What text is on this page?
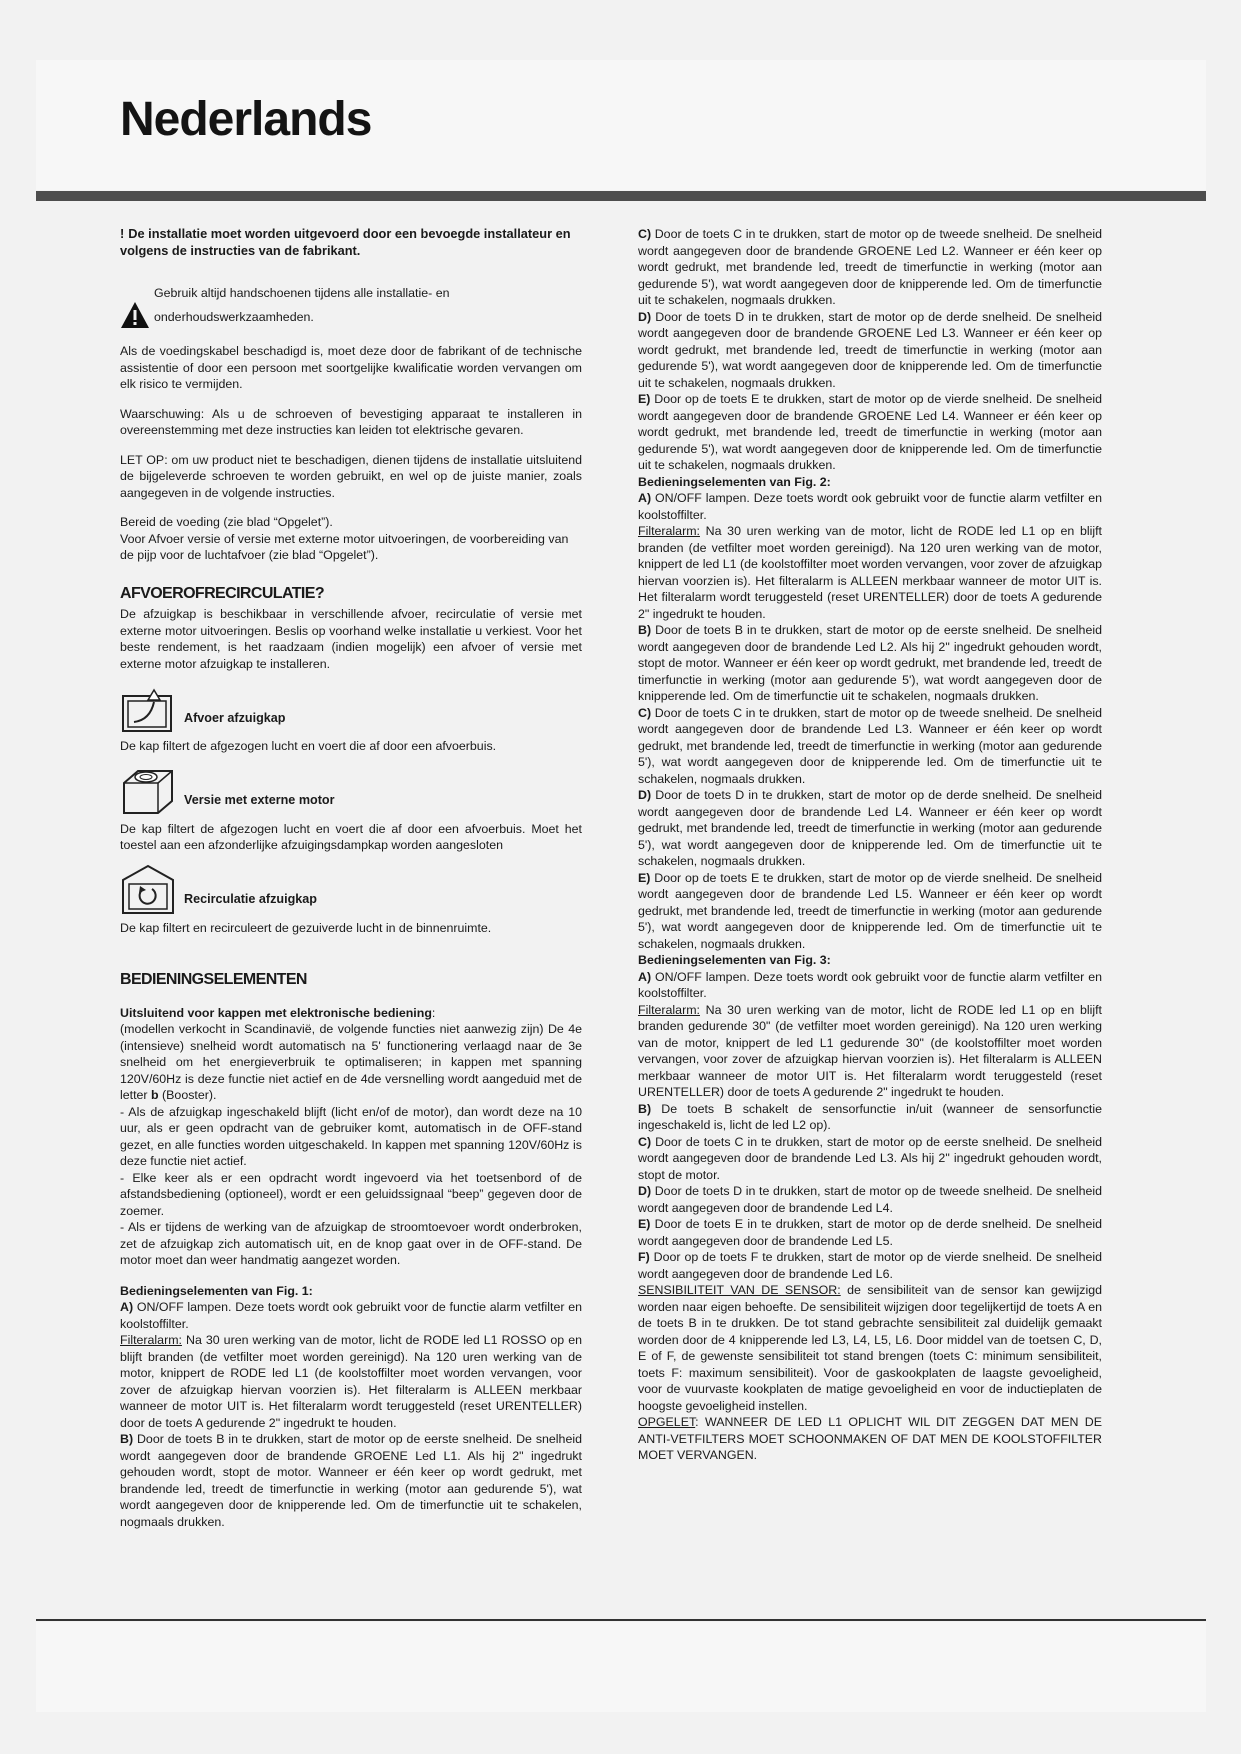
Nederlands

! De installatie moet worden uitgevoerd door een bevoegde installateur en volgens de instructies van de fabrikant.

Gebruik altijd handschoenen tijdens alle installatie- en onderhoudswerkzaamheden.

Als de voedingskabel beschadigd is, moet deze door de fabrikant of de technische assistentie of door een persoon met soortgelijke kwalificatie worden vervangen om elk risico te vermijden.

Waarschuwing: Als u de schroeven of bevestiging apparaat te installeren in overeenstemming met deze instructies kan leiden tot elektrische gevaren.

LET OP: om uw product niet te beschadigen, dienen tijdens de installatie uitsluitend de bijgeleverde schroeven te worden gebruikt, en wel op de juiste manier, zoals aangegeven in de volgende instructies.

Bereid de voeding (zie blad “Opgelet”).

Voor Afvoer versie of versie met externe motor uitvoeringen, de voorbereiding van de pijp voor de luchtafvoer (zie blad “Opgelet”).

AFVOEROFRECIRCULATIE?

De afzuigkap is beschikbaar in verschillende afvoer, recirculatie of versie met externe motor uitvoeringen. Beslis op voorhand welke installatie u verkiest. Voor het beste rendement, is het raadzaam (indien mogelijk) een afvoer of versie met externe motor afzuigkap te installeren.

Afvoer afzuigkap

De kap filtert de afgezogen lucht en voert die af door een afvoerbuis.

Versie met externe motor

De kap filtert de afgezogen lucht en voert die af door een afvoerbuis. Moet het toestel aan een afzonderlijke afzuigingsdampkap worden aangesloten

Recirculatie afzuigkap

De kap filtert en recirculeert de gezuiverde lucht in de binnenruimte.

BEDIENINGSELEMENTEN

Uitsluitend voor kappen met elektronische bediening:

(modellen verkocht in Scandinavië, de volgende functies niet aanwezig zijn) De 4e (intensieve) snelheid wordt automatisch na 5' functionering verlaagd naar de 3e snelheid om het energieverbruik te optimaliseren; in kappen met spanning 120V/60Hz is deze functie niet actief en de 4de versnelling wordt aangeduid met de letter b (Booster).

- Als de afzuigkap ingeschakeld blijft (licht en/of de motor), dan wordt deze na 10 uur, als er geen opdracht van de gebruiker komt, automatisch in de OFF-stand gezet, en alle functies worden uitgeschakeld. In kappen met spanning 120V/60Hz is deze functie niet actief.

- Elke keer als er een opdracht wordt ingevoerd via het toetsenbord of de afstandsbediening (optioneel), wordt er een geluidssignaal “beep” gegeven door de zoemer.

- Als er tijdens de werking van de afzuigkap de stroomtoevoer wordt onderbroken, zet de afzuigkap zich automatisch uit, en de knop gaat over in de OFF-stand. De motor moet dan weer handmatig aangezet worden.

Bedieningselementen van Fig. 1:

A) ON/OFF lampen. Deze toets wordt ook gebruikt voor de functie alarm vetfilter en koolstoffilter.

Filteralarm: Na 30 uren werking van de motor, licht de RODE led L1 ROSSO op en blijft branden (de vetfilter moet worden gereinigd). Na 120 uren werking van de motor, knippert de RODE led L1 (de koolstoffilter moet worden vervangen, voor zover de afzuigkap hiervan voorzien is). Het filteralarm is ALLEEN merkbaar wanneer de motor UIT is. Het filteralarm wordt teruggesteld (reset URENTELLER) door de toets A gedurende 2" ingedrukt te houden.

B) Door de toets B in te drukken, start de motor op de eerste snelheid. De snelheid wordt aangegeven door de brandende GROENE Led L1. Als hij 2" ingedrukt gehouden wordt, stopt de motor. Wanneer er één keer op wordt gedrukt, met brandende led, treedt de timerfunctie in werking (motor aan gedurende 5'), wat wordt aangegeven door de knipperende led. Om de timerfunctie uit te schakelen, nogmaals drukken.

C) Door de toets C in te drukken, start de motor op de tweede snelheid. De snelheid wordt aangegeven door de brandende GROENE Led L2. Wanneer er één keer op wordt gedrukt, met brandende led, treedt de timerfunctie in werking (motor aan gedurende 5'), wat wordt aangegeven door de knipperende led. Om de timerfunctie uit te schakelen, nogmaals drukken.

D) Door de toets D in te drukken, start de motor op de derde snelheid. De snelheid wordt aangegeven door de brandende GROENE Led L3. Wanneer er één keer op wordt gedrukt, met brandende led, treedt de timerfunctie in werking (motor aan gedurende 5'), wat wordt aangegeven door de knipperende led. Om de timerfunctie uit te schakelen, nogmaals drukken.

E) Door op de toets E te drukken, start de motor op de vierde snelheid. De snelheid wordt aangegeven door de brandende GROENE Led L4. Wanneer er één keer op wordt gedrukt, met brandende led, treedt de timerfunctie in werking (motor aan gedurende 5'), wat wordt aangegeven door de knipperende led. Om de timerfunctie uit te schakelen, nogmaals drukken.

Bedieningselementen van Fig. 2:

A) ON/OFF lampen. Deze toets wordt ook gebruikt voor de functie alarm vetfilter en koolstoffilter.

Filteralarm: Na 30 uren werking van de motor, licht de RODE led L1 op en blijft branden (de vetfilter moet worden gereinigd). Na 120 uren werking van de motor, knippert de led L1 (de koolstoffilter moet worden vervangen, voor zover de afzuigkap hiervan voorzien is). Het filteralarm is ALLEEN merkbaar wanneer de motor UIT is. Het filteralarm wordt teruggesteld (reset URENTELLER) door de toets A gedurende 2" ingedrukt te houden.

B) Door de toets B in te drukken, start de motor op de eerste snelheid. De snelheid wordt aangegeven door de brandende Led L2. Als hij 2" ingedrukt gehouden wordt, stopt de motor. Wanneer er één keer op wordt gedrukt, met brandende led, treedt de timerfunctie in werking (motor aan gedurende 5'), wat wordt aangegeven door de knipperende led. Om de timerfunctie uit te schakelen, nogmaals drukken.

C) Door de toets C in te drukken, start de motor op de tweede snelheid. De snelheid wordt aangegeven door de brandende Led L3. Wanneer er één keer op wordt gedrukt, met brandende led, treedt de timerfunctie in werking (motor aan gedurende 5'), wat wordt aangegeven door de knipperende led. Om de timerfunctie uit te schakelen, nogmaals drukken.

D) Door de toets D in te drukken, start de motor op de derde snelheid. De snelheid wordt aangegeven door de brandende Led L4. Wanneer er één keer op wordt gedrukt, met brandende led, treedt de timerfunctie in werking (motor aan gedurende 5'), wat wordt aangegeven door de knipperende led. Om de timerfunctie uit te schakelen, nogmaals drukken.

E) Door op de toets E te drukken, start de motor op de vierde snelheid. De snelheid wordt aangegeven door de brandende Led L5. Wanneer er één keer op wordt gedrukt, met brandende led, treedt de timerfunctie in werking (motor aan gedurende 5'), wat wordt aangegeven door de knipperende led. Om de timerfunctie uit te schakelen, nogmaals drukken.

Bedieningselementen van Fig. 3:

A) ON/OFF lampen. Deze toets wordt ook gebruikt voor de functie alarm vetfilter en koolstoffilter.

Filteralarm: Na 30 uren werking van de motor, licht de RODE led L1 op en blijft branden gedurende 30" (de vetfilter moet worden gereinigd). Na 120 uren werking van de motor, knippert de led L1 gedurende 30" (de koolstoffilter moet worden vervangen, voor zover de afzuigkap hiervan voorzien is). Het filteralarm is ALLEEN merkbaar wanneer de motor UIT is. Het filteralarm wordt teruggesteld (reset URENTELLER) door de toets A gedurende 2" ingedrukt te houden.

B) De toets B schakelt de sensorfunctie in/uit (wanneer de sensorfunctie ingeschakeld is, licht de led L2 op).

C) Door de toets C in te drukken, start de motor op de eerste snelheid. De snelheid wordt aangegeven door de brandende Led L3. Als hij 2" ingedrukt gehouden wordt, stopt de motor.

D) Door de toets D in te drukken, start de motor op de tweede snelheid. De snelheid wordt aangegeven door de brandende Led L4.

E) Door de toets E in te drukken, start de motor op de derde snelheid. De snelheid wordt aangegeven door de brandende Led L5.

F) Door op de toets F te drukken, start de motor op de vierde snelheid. De snelheid wordt aangegeven door de brandende Led L6.

SENSIBILITEIT VAN DE SENSOR: de sensibiliteit van de sensor kan gewijzigd worden naar eigen behoefte. De sensibiliteit wijzigen door tegelijkertijd de toets A en de toets B in te drukken. De tot stand gebrachte sensibiliteit zal duidelijk gemaakt worden door de 4 knipperende led L3, L4, L5, L6. Door middel van de toetsen C, D, E of F, de gewenste sensibiliteit tot stand brengen (toets C: minimum sensibiliteit, toets F: maximum sensibiliteit). Voor de gaskookplaten de laagste gevoeligheid, voor de vuurvaste kookplaten de matige gevoeligheid en voor de inductieplaten de hoogste gevoeligheid instellen.

OPGELET: WANNEER DE LED L1 OPLICHT WIL DIT ZEGGEN DAT MEN DE ANTI-VETFILTERS MOET SCHOONMAKEN OF DAT MEN DE KOOLSTOFFILTER MOET VERVANGEN.
